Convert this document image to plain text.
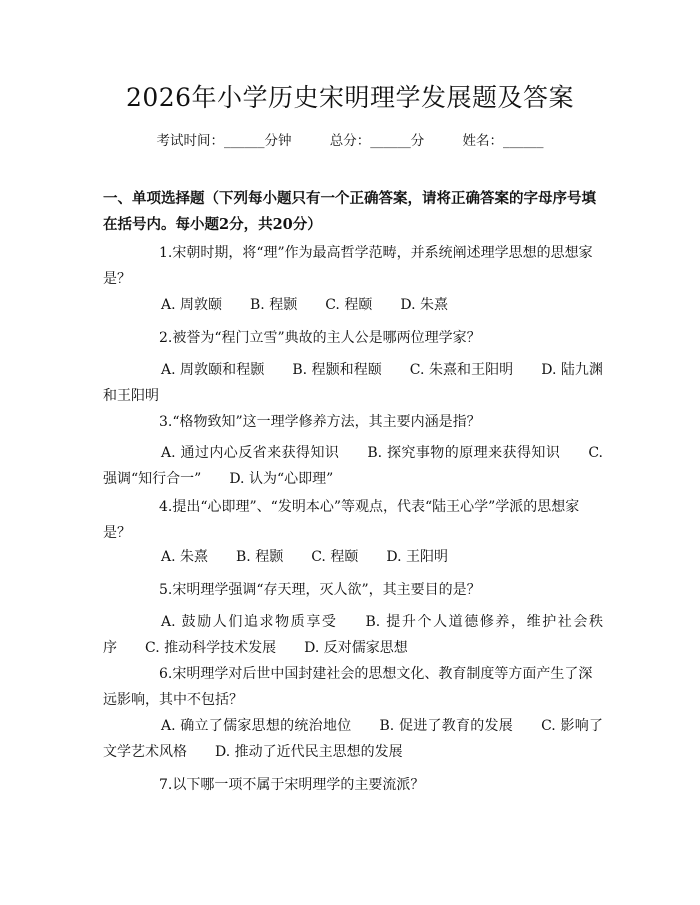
2026年小学历史宋明理学发展题及答案
考试时间：______分钟	总分：______分	姓名：______
一、单项选择题（下列每小题只有一个正确答案，请将正确答案的字母序号填在括号内。每小题2分，共20分）
1.宋朝时期，将“理”作为最高哲学范畴，并系统阐述理学思想的思想家是？
A. 周敦颐 B. 程颢 C. 程颐 D. 朱熹
2.被誉为“程门立雪”典故的主人公是哪两位理学家？
A. 周敦颐和程颢 B. 程颢和程颐 C. 朱熹和王阳明 D. 陆九渊和王阳明
3.“格物致知”这一理学修养方法，其主要内涵是指？
A. 通过内心反省来获得知识 B. 探究事物的原理来获得知识 C. 强调“知行合一” D. 认为“心即理”
4.提出“心即理”、“发明本心”等观点，代表“陆王心学”学派的思想家是？
A. 朱熹 B. 程颢 C. 程颐 D. 王阳明
5.宋明理学强调“存天理，灭人欲”，其主要目的是？
A. 鼓励人们追求物质享受 B. 提升个人道德修养，维护社会秩序 C. 推动科学技术发展 D. 反对儒家思想
6.宋明理学对后世中国封建社会的思想文化、教育制度等方面产生了深远影响，其中不包括？
A. 确立了儒家思想的统治地位 B. 促进了教育的发展 C. 影响了文学艺术风格 D. 推动了近代民主思想的发展
7.以下哪一项不属于宋明理学的主要流派？
